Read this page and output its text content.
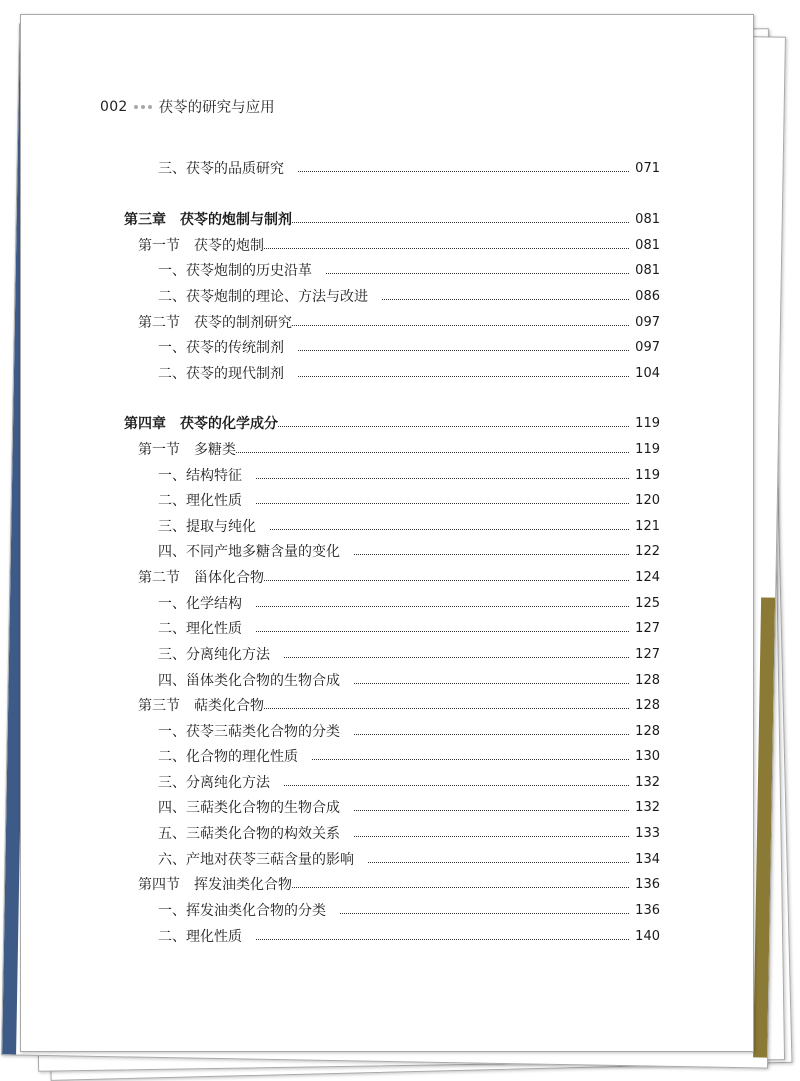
002 茯苓的研究与应用
三、茯苓的品质研究	071
第三章　茯苓的炮制与制剂	081
第一节　茯苓的炮制	081
一、茯苓炮制的历史沿革	081
二、茯苓炮制的理论、方法与改进	086
第二节　茯苓的制剂研究	097
一、茯苓的传统制剂	097
二、茯苓的现代制剂	104
第四章　茯苓的化学成分	119
第一节　多糖类	119
一、结构特征	119
二、理化性质	120
三、提取与纯化	121
四、不同产地多糖含量的变化	122
第二节　甾体化合物	124
一、化学结构	125
二、理化性质	127
三、分离纯化方法	127
四、甾体类化合物的生物合成	128
第三节　萜类化合物	128
一、茯苓三萜类化合物的分类	128
二、化合物的理化性质	130
三、分离纯化方法	132
四、三萜类化合物的生物合成	132
五、三萜类化合物的构效关系	133
六、产地对茯苓三萜含量的影响	134
第四节　挥发油类化合物	136
一、挥发油类化合物的分类	136
二、理化性质	140
